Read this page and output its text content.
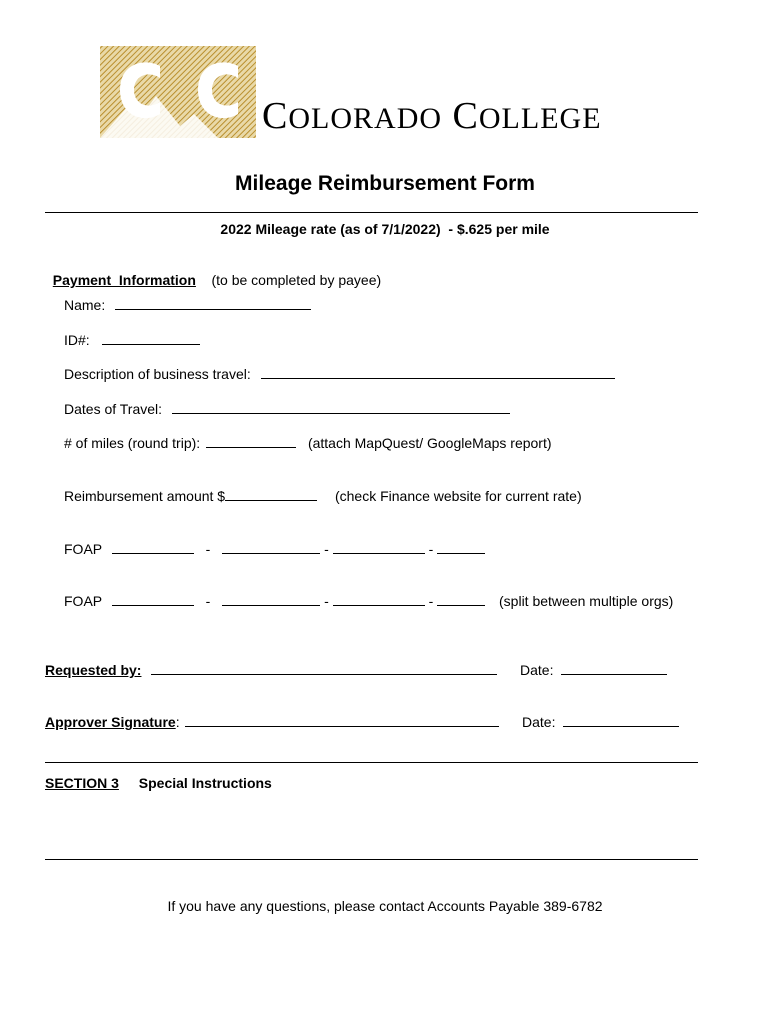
COLORADO COLLEGE
Mileage Reimbursement Form
2022 Mileage rate (as of 7/1/2022)  - $.625 per mile

Payment  Information (to be completed by payee)

Name:
ID#:
Description of business travel:
Dates of Travel:
# of miles (round trip):	(attach MapQuest/ GoogleMaps report)
Reimbursement amount $	(check Finance website for current rate)
FOAP	-	-	-
FOAP	-	-	-	(split between multiple orgs)
Requested by:	Date:
Approver Signature:	Date:
SECTION 3 Special Instructions
If you have any questions, please contact Accounts Payable 389-6782
